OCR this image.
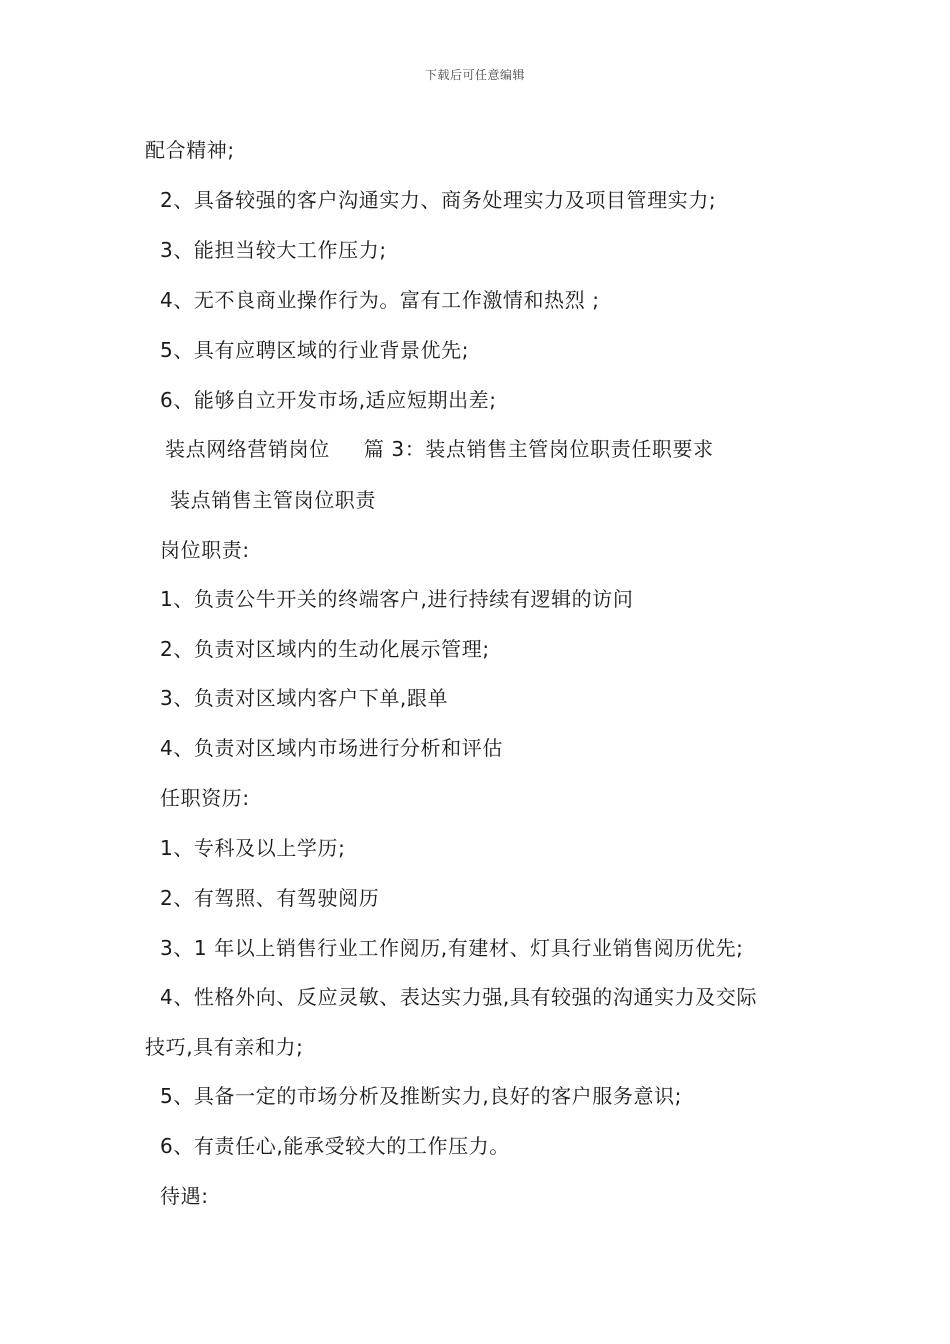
下载后可任意编辑
配合精神;
2、具备较强的客户沟通实力、商务处理实力及项目管理实力;
3、能担当较大工作压力;
4、无不良商业操作行为。富有工作激情和热烈 ;
5、具有应聘区域的行业背景优先;
6、能够自立开发市场,适应短期出差;
装点网络营销岗位 篇 3：装点销售主管岗位职责任职要求
装点销售主管岗位职责
岗位职责:
1、负责公牛开关的终端客户,进行持续有逻辑的访问
2、负责对区域内的生动化展示管理;
3、负责对区域内客户下单,跟单
4、负责对区域内市场进行分析和评估
任职资历:
1、专科及以上学历;
2、有驾照、有驾驶阅历
3、1 年以上销售行业工作阅历,有建材、灯具行业销售阅历优先;
4、性格外向、反应灵敏、表达实力强,具有较强的沟通实力及交际
技巧,具有亲和力;
5、具备一定的市场分析及推断实力,良好的客户服务意识;
6、有责任心,能承受较大的工作压力。
待遇:
